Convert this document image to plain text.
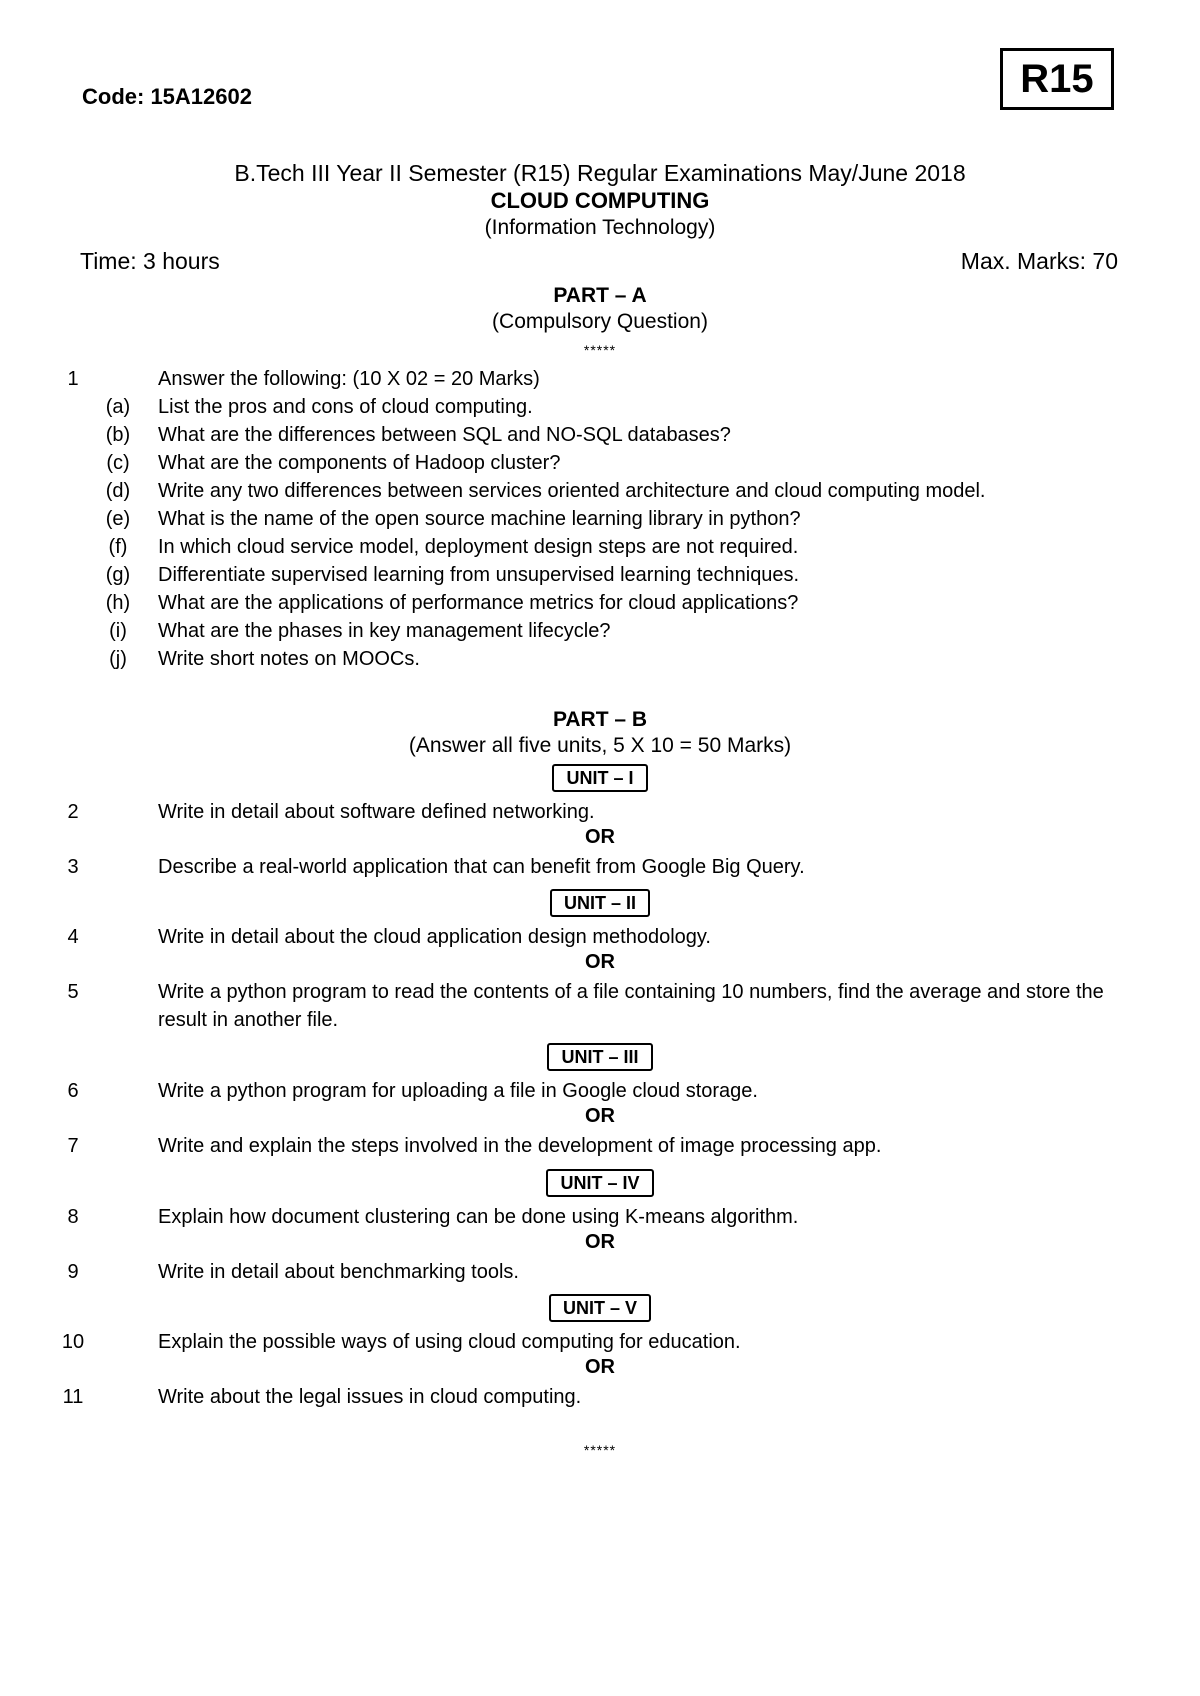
Code: 15A12602	R15
B.Tech III Year II Semester (R15) Regular Examinations May/June 2018
CLOUD COMPUTING
(Information Technology)
Time: 3 hours	Max. Marks: 70
PART – A
(Compulsory Question)
*****
1	Answer the following: (10 X 02 = 20 Marks)
(a) List the pros and cons of cloud computing.
(b) What are the differences between SQL and NO-SQL databases?
(c)	What are the components of Hadoop cluster?
(d) Write any two differences between services oriented architecture and cloud computing model.
(e) What is the name of the open source machine learning library in python?
(f)	In which cloud service model, deployment design steps are not required.
(g) Differentiate supervised learning from unsupervised learning techniques.
(h) What are the applications of performance metrics for cloud applications?
(i)	What are the phases in key management lifecycle?
(j)	Write short notes on MOOCs.
PART – B
(Answer all five units, 5 X 10 = 50 Marks)
UNIT – I
2	Write in detail about software defined networking.
OR
3	Describe a real-world application that can benefit from Google Big Query.
UNIT – II
4	Write in detail about the cloud application design methodology.
OR
5	Write a python program to read the contents of a file containing 10 numbers, find the average and store the result in another file.
UNIT – III
6	Write a python program for uploading a file in Google cloud storage.
OR
7	Write and explain the steps involved in the development of image processing app.
UNIT – IV
8	Explain how document clustering can be done using K-means algorithm.
OR
9	Write in detail about benchmarking tools.
UNIT – V
10	Explain the possible ways of using cloud computing for education.
OR
11	Write about the legal issues in cloud computing.
*****
